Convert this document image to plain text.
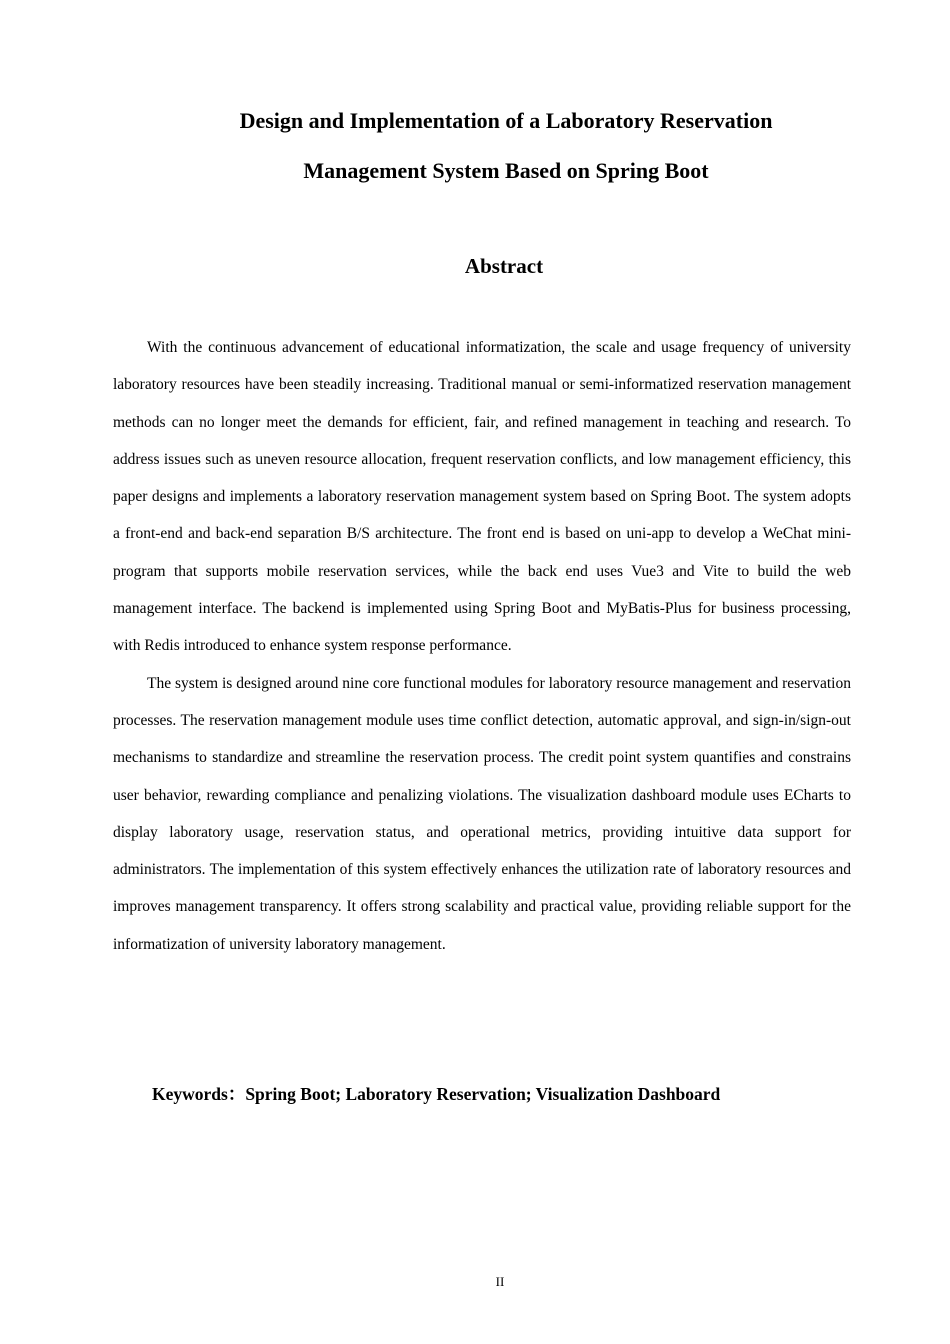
Design and Implementation of a Laboratory Reservation
Management System Based on Spring Boot
Abstract

With the continuous advancement of educational informatization, the scale and usage frequency of university laboratory resources have been steadily increasing. Traditional manual or semi-informatized reservation management methods can no longer meet the demands for efficient, fair, and refined management in teaching and research. To address issues such as uneven resource allocation, frequent reservation conflicts, and low management efficiency, this paper designs and implements a laboratory reservation management system based on Spring Boot. The system adopts a front-end and back-end separation B/S architecture. The front end is based on uni-app to develop a WeChat mini-program that supports mobile reservation services, while the back end uses Vue3 and Vite to build the web management interface. The backend is implemented using Spring Boot and MyBatis-Plus for business processing, with Redis introduced to enhance system response performance.

The system is designed around nine core functional modules for laboratory resource management and reservation processes. The reservation management module uses time conflict detection, automatic approval, and sign-in/sign-out mechanisms to standardize and streamline the reservation process. The credit point system quantifies and constrains user behavior, rewarding compliance and penalizing violations. The visualization dashboard module uses ECharts to display laboratory usage, reservation status, and operational metrics, providing intuitive data support for administrators. The implementation of this system effectively enhances the utilization rate of laboratory resources and improves management transparency. It offers strong scalability and practical value, providing reliable support for the informatization of university laboratory management.

Keywords：Spring Boot; Laboratory Reservation; Visualization Dashboard
II
